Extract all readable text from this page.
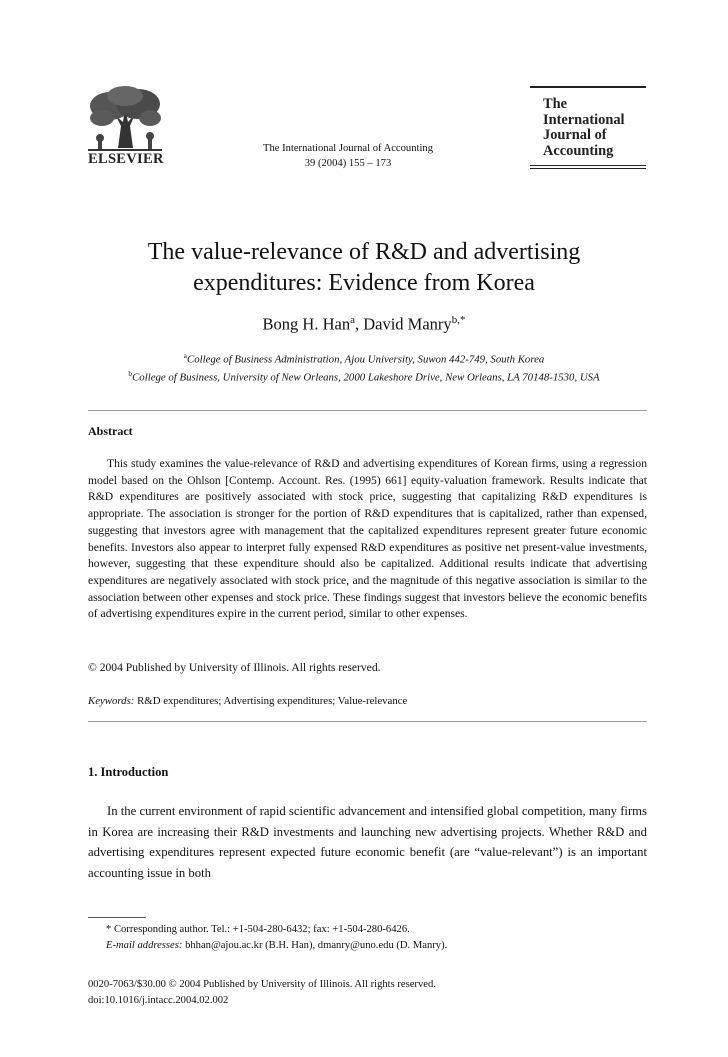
ELSEVIER
The International Journal of Accounting
39 (2004) 155 – 173
The
International
Journal of
Accounting
The value-relevance of R&D and advertising
expenditures: Evidence from Korea
Bong H. Han$^a$, David Manry$^{b,*}$
$^a$College of Business Administration, Ajou University, Suwon 442-749, South Korea
$^b$College of Business, University of New Orleans, 2000 Lakeshore Drive, New Orleans, LA 70148-1530, USA
Abstract

This study examines the value-relevance of R&D and advertising expenditures of Korean firms, using a regression model based on the Ohlson [Contemp. Account. Res. (1995) 661] equity-valuation framework. Results indicate that R&D expenditures are positively associated with stock price, suggesting that capitalizing R&D expenditures is appropriate. The association is stronger for the portion of R&D expenditures that is capitalized, rather than expensed, suggesting that investors agree with management that the capitalized expenditures represent greater future economic benefits. Investors also appear to interpret fully expensed R&D expenditures as positive net present-value investments, however, suggesting that these expenditure should also be capitalized. Additional results indicate that advertising expenditures are negatively associated with stock price, and the magnitude of this negative association is similar to the association between other expenses and stock price. These findings suggest that investors believe the economic benefits of advertising expenditures expire in the current period, similar to other expenses.

© 2004 Published by University of Illinois. All rights reserved.
Keywords: R&D expenditures; Advertising expenditures; Value-relevance
1. Introduction

In the current environment of rapid scientific advancement and intensified global competition, many firms in Korea are increasing their R&D investments and launching new advertising projects. Whether R&D and advertising expenditures represent expected future economic benefit (are “value-relevant”) is an important accounting issue in both

* Corresponding author. Tel.: +1-504-280-6432; fax: +1-504-280-6426.
E-mail addresses: bhhan@ajou.ac.kr (B.H. Han), dmanry@uno.edu (D. Manry).
0020-7063/$30.00 © 2004 Published by University of Illinois. All rights reserved.
doi:10.1016/j.intacc.2004.02.002
